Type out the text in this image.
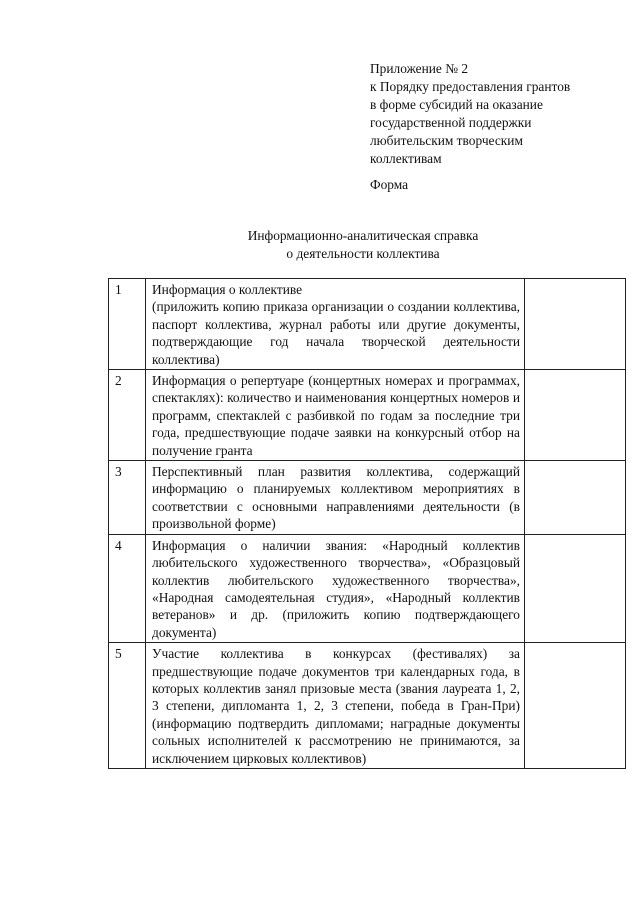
Приложение № 2
к Порядку предоставления грантов
в форме субсидий на оказание
государственной поддержки
любительским творческим
коллективам
Форма
Информационно-аналитическая справка
о деятельности коллектива
1	Информация о коллективе
(приложить копию приказа организации о создании коллектива, паспорт коллектива, журнал работы или другие документы, подтверждающие год начала творческой деятельности коллектива)	

2	Информация о репертуаре (концертных номерах и программах, спектаклях): количество и наименования концертных номеров и программ, спектаклей с разбивкой по годам за последние три года, предшествующие подаче заявки на конкурсный отбор на получение гранта	

3	Перспективный план развития коллектива, содержащий информацию о планируемых коллективом мероприятиях в соответствии с основными направлениями деятельности (в произвольной форме)	

4	Информация о наличии звания: «Народный коллектив любительского художественного творчества», «Образцовый коллектив любительского художественного творчества», «Народная самодеятельная студия», «Народный коллектив ветеранов» и др. (приложить копию подтверждающего документа)	

5	Участие коллектива в конкурсах (фестивалях) за предшествующие подаче документов три календарных года, в которых коллектив занял призовые места (звания лауреата 1, 2, 3 степени, дипломанта 1, 2, 3 степени, победа в Гран-При) (информацию подтвердить дипломами; наградные документы сольных исполнителей к рассмотрению не принимаются, за исключением цирковых коллективов)	
